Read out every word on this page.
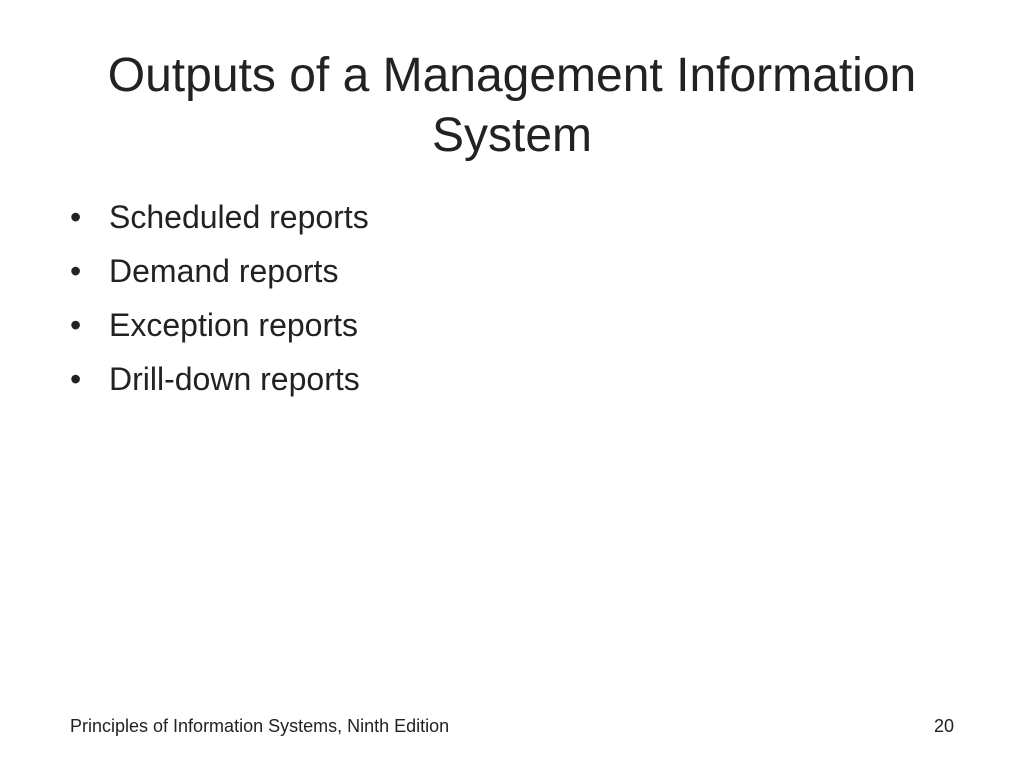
Outputs of a Management Information
System
• Scheduled reports
• Demand reports
• Exception reports
• Drill-down reports
Principles of Information Systems, Ninth Edition	20
